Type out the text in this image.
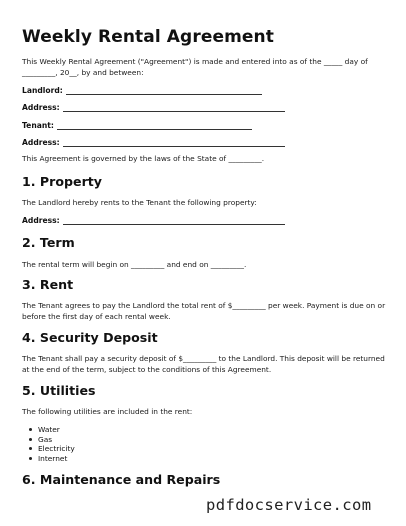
Weekly Rental Agreement
This Weekly Rental Agreement ("Agreement") is made and entered into as of the _____ day of _________, 20__, by and between:
Landlord:
Address:
Tenant:
Address:
This Agreement is governed by the laws of the State of _________.
1. Property
The Landlord hereby rents to the Tenant the following property:
Address:
2. Term
The rental term will begin on _________ and end on _________.
3. Rent
The Tenant agrees to pay the Landlord the total rent of $_________ per week. Payment is due on or before the first day of each rental week.
4. Security Deposit
The Tenant shall pay a security deposit of $_________ to the Landlord. This deposit will be returned at the end of the term, subject to the conditions of this Agreement.
5. Utilities
The following utilities are included in the rent:
Water
Gas
Electricity
Internet
6. Maintenance and Repairs
pdfdocservice.com
